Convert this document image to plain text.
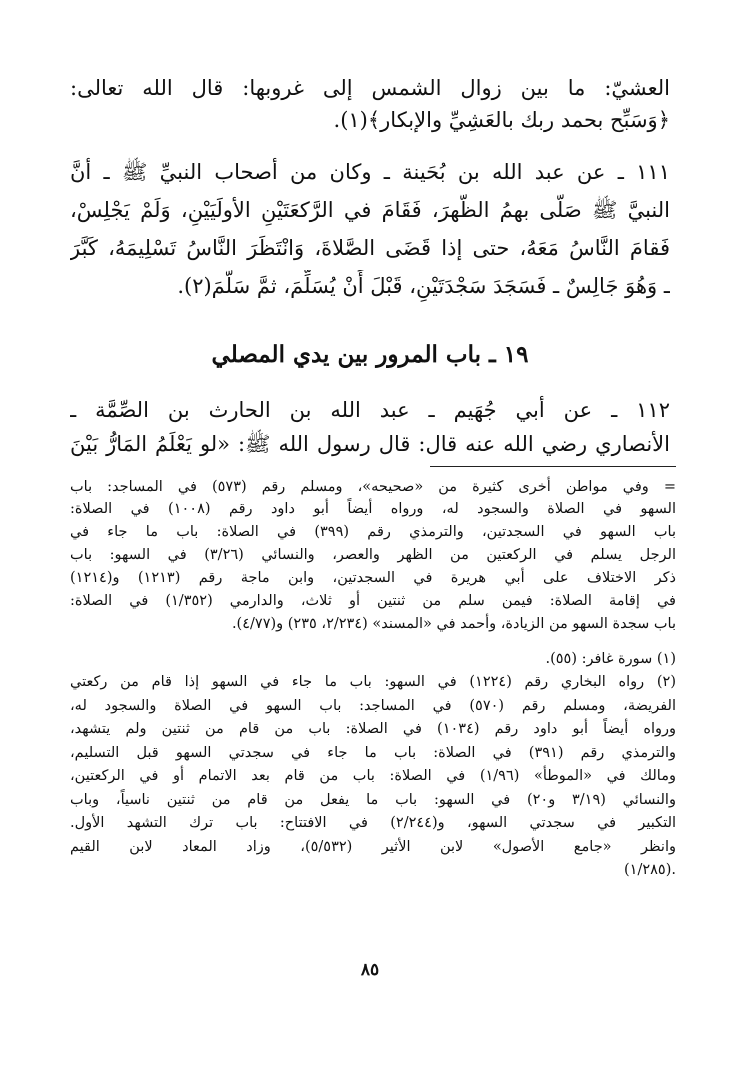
العشيّ: ما بين زوال الشمس إلى غروبها: قال الله تعالى:
﴿وَسَبِّح بحمد ربك بالعَشِيِّ والإبكار﴾(١).
١١١ ـ عن عبد الله بن بُحَينة ـ وكان من أصحاب النبيِّ ﷺ ـ أنَّ
النبيَّ ﷺ صَلَّى بهمُ الظُّهرَ، فَقَامَ في الرَّكعَتَيْنِ الأولَيَيْنِ، وَلَمْ يَجْلِسْ،
فَقامَ النَّاسُ مَعَهُ، حتى إذا قَضَى الصَّلاةَ، وَانْتَظَرَ النَّاسُ تَسْلِيمَهُ، كَبَّرَ
ـ وَهُوَ جَالِسٌ ـ فَسَجَدَ سَجْدَتَيْنِ، قَبْلَ أَنْ يُسَلِّمَ، ثمَّ سَلَّمَ(٢).
١٩ ـ باب المرور بين يدي المصلي
١١٢ ـ عن أبي جُهَيم ـ عبد الله بن الحارث بن الصِّمَّة ـ
الأنصاري رضي الله عنه قال: قال رسول الله ﷺ: «لو يَعْلَمُ المَارُّ بَيْنَ
= وفي مواطن أخرى كثيرة من «صحيحه»، ومسلم رقم (٥٧٣) في المساجد: باب
السهو في الصلاة والسجود له، ورواه أيضاً أبو داود رقم (١٠٠٨) في الصلاة:
باب السهو في السجدتين، والترمذي رقم (٣٩٩) في الصلاة: باب ما جاء في
الرجل يسلم في الركعتين من الظهر والعصر، والنسائي (٣/٢٦) في السهو: باب
ذكر الاختلاف على أبي هريرة في السجدتين، وابن ماجة رقم (١٢١٣) و(١٢١٤)
في إقامة الصلاة: فيمن سلم من ثنتين أو ثلاث، والدارمي (١/٣٥٢) في الصلاة:
باب سجدة السهو من الزيادة، وأحمد في «المسند» (٢/٢٣٤، ٢٣٥) و(٤/٧٧).
(١) سورة غافر: (٥٥).
(٢) رواه البخاري رقم (١٢٢٤) في السهو: باب ما جاء في السهو إذا قام من ركعتي
الفريضة، ومسلم رقم (٥٧٠) في المساجد: باب السهو في الصلاة والسجود له،
ورواه أيضاً أبو داود رقم (١٠٣٤) في الصلاة: باب من قام من ثنتين ولم يتشهد،
والترمذي رقم (٣٩١) في الصلاة: باب ما جاء في سجدتي السهو قبل التسليم،
ومالك في «الموطأ» (١/٩٦) في الصلاة: باب من قام بعد الاتمام أو في الركعتين،
والنسائي (٣/١٩ و٢٠) في السهو: باب ما يفعل من قام من ثنتين ناسياً، وباب
التكبير في سجدتي السهو، و(٢/٢٤٤) في الافتتاح: باب ترك التشهد الأول.
وانظر «جامع الأصول» لابن الأثير (٥/٥٣٢)، وزاد المعاد لابن القيم
(١/٢٨٥).
٨٥
